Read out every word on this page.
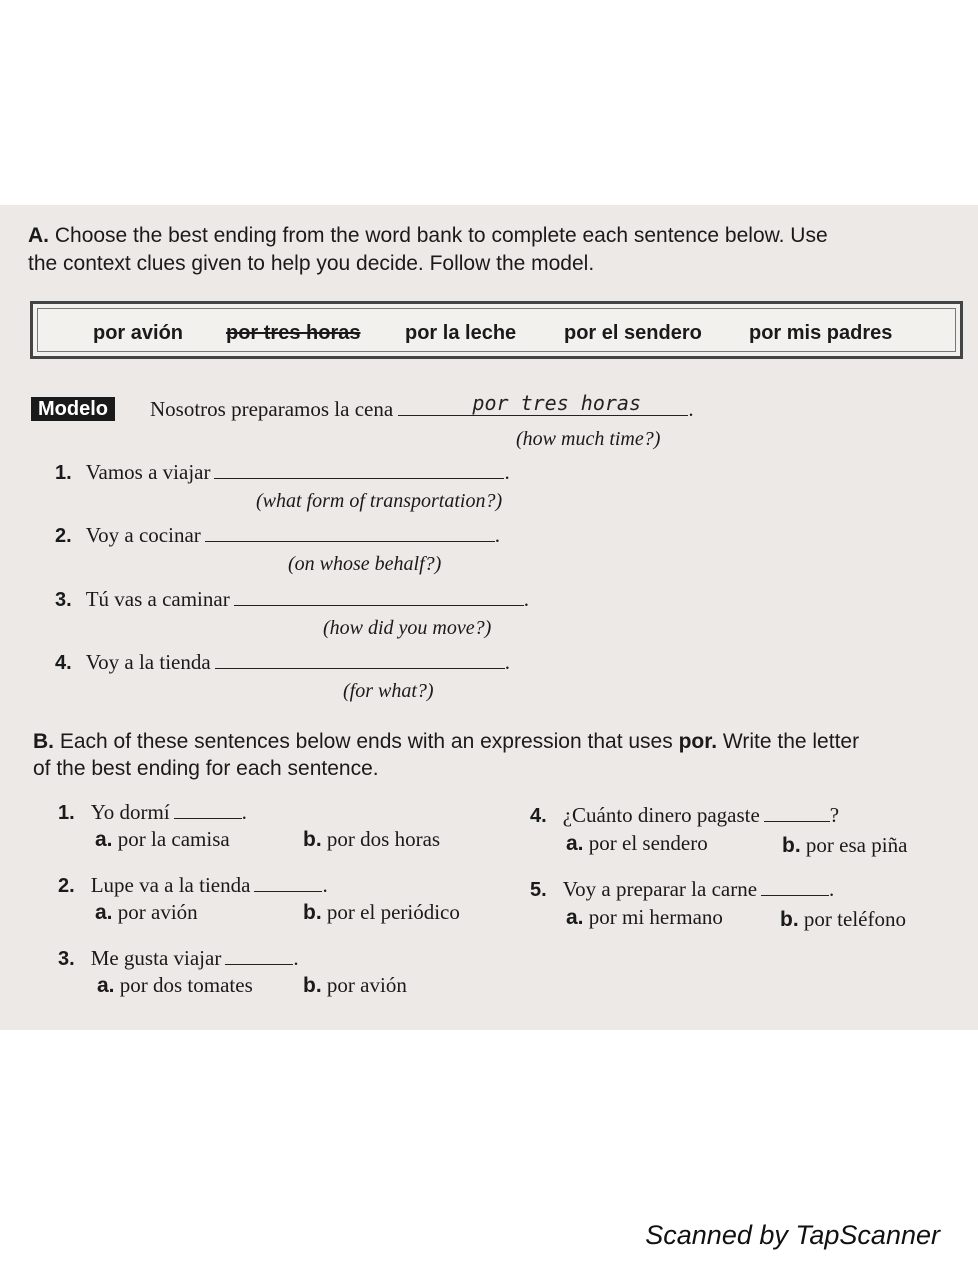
A. Choose the best ending from the word bank to complete each sentence below. Use
the context clues given to help you decide. Follow the model.
por avión por tres horas por la leche por el sendero por mis padres
Modelo	Nosotros preparamos la cena	por tres horas .
(how much time?)
1. Vamos a viajar	.
(what form of transportation?)
2. Voy a cocinar	.
(on whose behalf?)
3. Tú vas a caminar	.
(how did you move?)
4. Voy a la tienda	.
(for what?)
B. Each of these sentences below ends with an expression that uses por. Write the letter
of the best ending for each sentence.
1. Yo dormí	.
a. por la camisa	b. por dos horas
2. Lupe va a la tienda	.
a. por avión	b. por el periódico
3. Me gusta viajar	.
a. por dos tomates b. por avión
4. ¿Cuánto dinero pagaste	?
a. por el sendero	b. por esa piña
5. Voy a preparar la carne	.
a. por mi hermano	b. por teléfono
Scanned by TapScanner
